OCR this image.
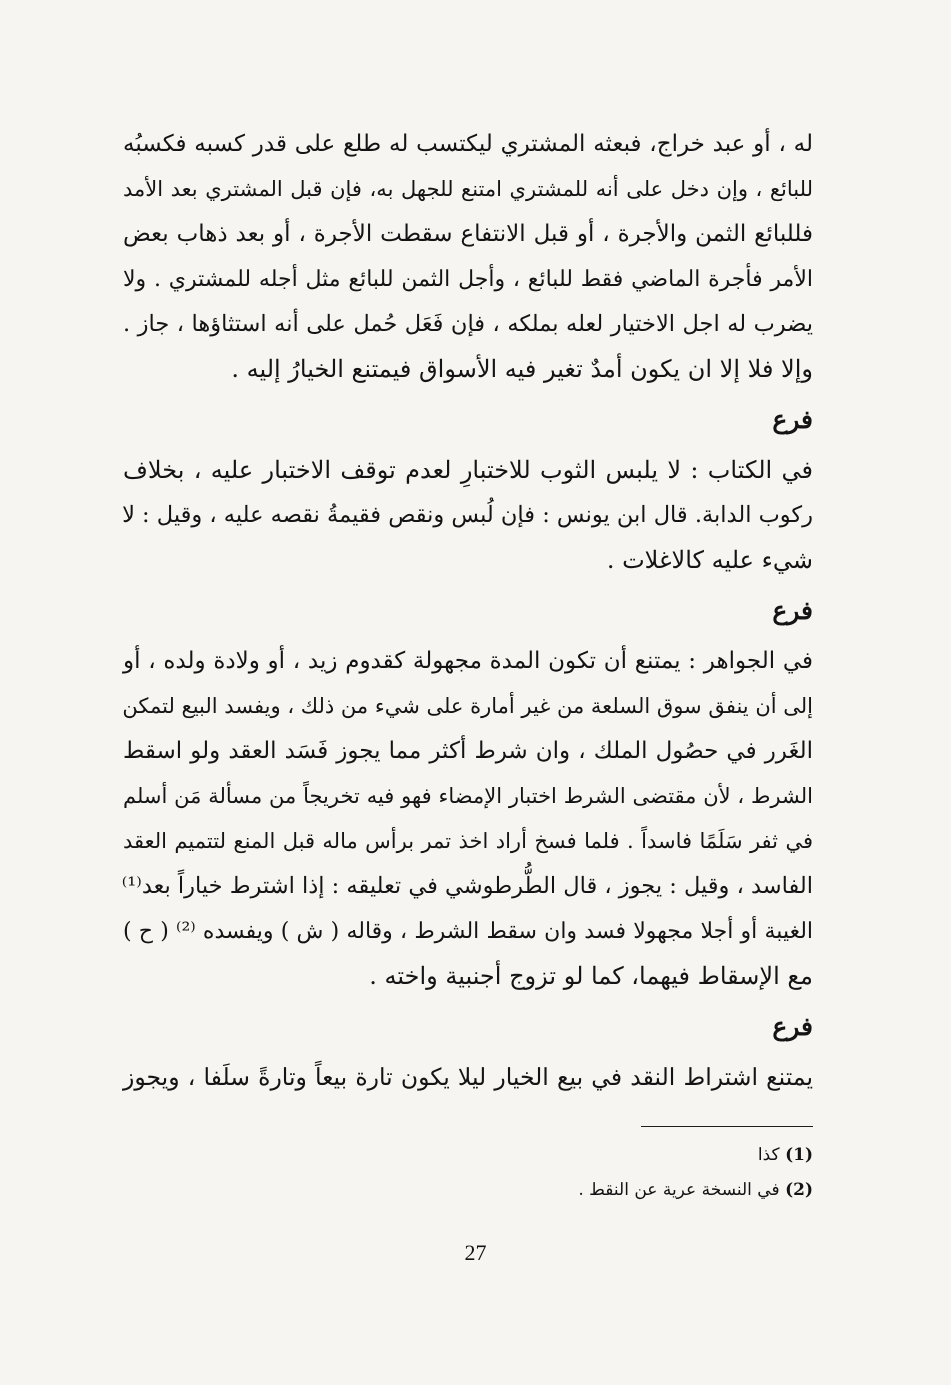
له ، أو عبد خراج، فبعثه المشتري ليكتسب له طلع على قدر كسبه فكسبُه
للبائع ، وإن دخل على أنه للمشتري امتنع للجهل به، فإن قبل المشتري بعد الأمد
فللبائع الثمن والأجرة ، أو قبل الانتفاع سقطت الأجرة ، أو بعد ذهاب بعض
الأمر فأجرة الماضي فقط للبائع ، وأجل الثمن للبائع مثل أجله للمشتري . ولا
يضرب له اجل الاختيار لعله بملكه ، فإن فَعَل حُمل على أنه استثاؤها ، جاز .
وإلا فلا إلا ان يكون أمدٌ تغير فيه الأسواق فيمتنع الخيارُ إليه .
فرع
في الكتاب : لا يلبس الثوب للاختبارِ لعدم توقف الاختبار عليه ، بخلاف
ركوب الدابة. قال ابن يونس : فإن لُبس ونقص فقيمةُ نقصه عليه ، وقيل : لا
شيء عليه كالاغلات .
فرع
في الجواهر : يمتنع أن تكون المدة مجهولة كقدوم زيد ، أو ولادة ولده ، أو
إلى أن ينفق سوق السلعة من غير أمارة على شيء من ذلك ، ويفسد البيع لتمكن
الغَرر في حصُول الملك ، وان شرط أكثر مما يجوز فَسَد العقد ولو اسقط
الشرط ، لأن مقتضى الشرط اختبار الإمضاء فهو فيه تخريجاً من مسألة مَن أسلم
في ثفر سَلَمًا فاسداً . فلما فسخ أراد اخذ تمر برأس ماله قبل المنع لتتميم العقد
الفاسد ، وقيل : يجوز ، قال الطُّرطوشي في تعليقه : إذا اشترط خياراً بعد⁽¹⁾
الغيبة أو أجلا مجهولا فسد وان سقط الشرط ، وقاله ( ش ) ويفسده ⁽²⁾ ( ح )
مع الإسقاط فيهما، كما لو تزوج أجنبية واخته .
فرع
يمتنع اشتراط النقد في بيع الخيار ليلا يكون تارة بيعاً وتارةً سلَفا ، ويجوز
(1) كذا
(2) في النسخة عرية عن النقط .
27
